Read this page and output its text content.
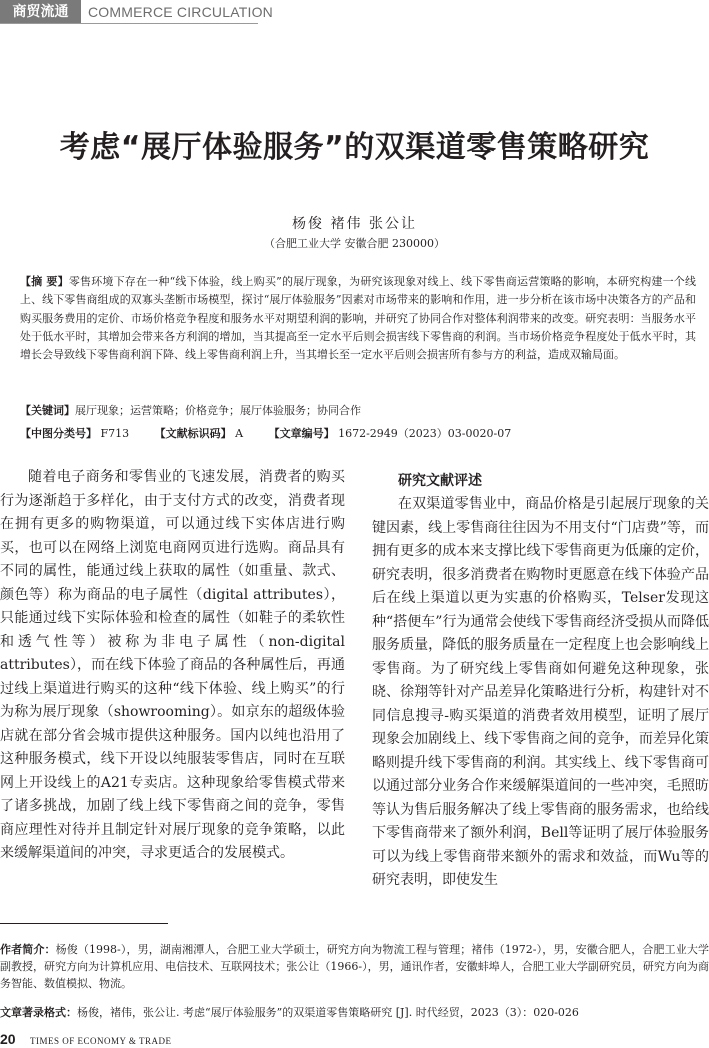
商贸流通	COMMERCE CIRCULATION
考虑“展厅体验服务”的双渠道零售策略研究
杨俊 褚伟 张公让
（合肥工业大学 安徽合肥 230000）
【摘 要】零售环境下存在一种“线下体验，线上购买”的展厅现象，为研究该现象对线上、线下零售商运营策略的影响，本研究构建一个线上、线下零售商组成的双寡头垄断市场模型，探讨“展厅体验服务”因素对市场带来的影响和作用，进一步分析在该市场中决策各方的产品和购买服务费用的定价、市场价格竞争程度和服务水平对期望利润的影响，并研究了协同合作对整体利润带来的改变。研究表明：当服务水平处于低水平时，其增加会带来各方利润的增加，当其提高至一定水平后则会损害线下零售商的利润。当市场价格竞争程度处于低水平时，其增长会导致线下零售商利润下降、线上零售商利润上升，当其增长至一定水平后则会损害所有参与方的利益，造成双输局面。
【关键词】展厅现象；运营策略；价格竞争；展厅体验服务；协同合作
【中图分类号】 F713 【文献标识码】 A 【文章编号】 1672-2949（2023）03-0020-07

随着电子商务和零售业的飞速发展，消费者的购买行为逐渐趋于多样化，由于支付方式的改变，消费者现在拥有更多的购物渠道，可以通过线下实体店进行购买，也可以在网络上浏览电商网页进行选购。商品具有不同的属性，能通过线上获取的属性（如重量、款式、颜色等）称为商品的电子属性（digital attributes），只能通过线下实际体验和检查的属性（如鞋子的柔软性和透气性等）被称为非电子属性（non-digital attributes），而在线下体验了商品的各种属性后，再通过线上渠道进行购买的这种“线下体验、线上购买”的行为称为展厅现象（showrooming）。如京东的超级体验店就在部分省会城市提供这种服务。国内以纯也沿用了这种服务模式，线下开设以纯服装零售店，同时在互联网上开设线上的A21专卖店。这种现象给零售模式带来了诸多挑战，加剧了线上线下零售商之间的竞争，零售商应理性对待并且制定针对展厅现象的竞争策略，以此来缓解渠道间的冲突，寻求更适合的发展模式。

研究文献评述

在双渠道零售业中，商品价格是引起展厅现象的关键因素，线上零售商往往因为不用支付“门店费”等，而拥有更多的成本来支撑比线下零售商更为低廉的定价，研究表明，很多消费者在购物时更愿意在线下体验产品后在线上渠道以更为实惠的价格购买，Telser发现这种“搭便车”行为通常会使线下零售商经济受损从而降低服务质量，降低的服务质量在一定程度上也会影响线上零售商。为了研究线上零售商如何避免这种现象，张晓、徐翔等针对产品差异化策略进行分析，构建针对不同信息搜寻-购买渠道的消费者效用模型，证明了展厅现象会加剧线上、线下零售商之间的竞争，而差异化策略则提升线下零售商的利润。其实线上、线下零售商可以通过部分业务合作来缓解渠道间的一些冲突，毛照昉等认为售后服务解决了线上零售商的服务需求，也给线下零售商带来了额外利润，Bell等证明了展厅体验服务可以为线上零售商带来额外的需求和效益，而Wu等的研究表明，即使发生

作者简介：杨俊（1998-），男，湖南湘潭人，合肥工业大学硕士，研究方向为物流工程与管理；褚伟（1972-），男，安徽合肥人，合肥工业大学副教授，研究方向为计算机应用、电信技术、互联网技术；张公让（1966-），男，通讯作者，安徽蚌埠人，合肥工业大学副研究员，研究方向为商务智能、数值模拟、物流。
文章著录格式：杨俊，褚伟，张公让. 考虑“展厅体验服务”的双渠道零售策略研究 [J]. 时代经贸，2023（3）：020-026
20 TIMES OF ECONOMY & TRADE
